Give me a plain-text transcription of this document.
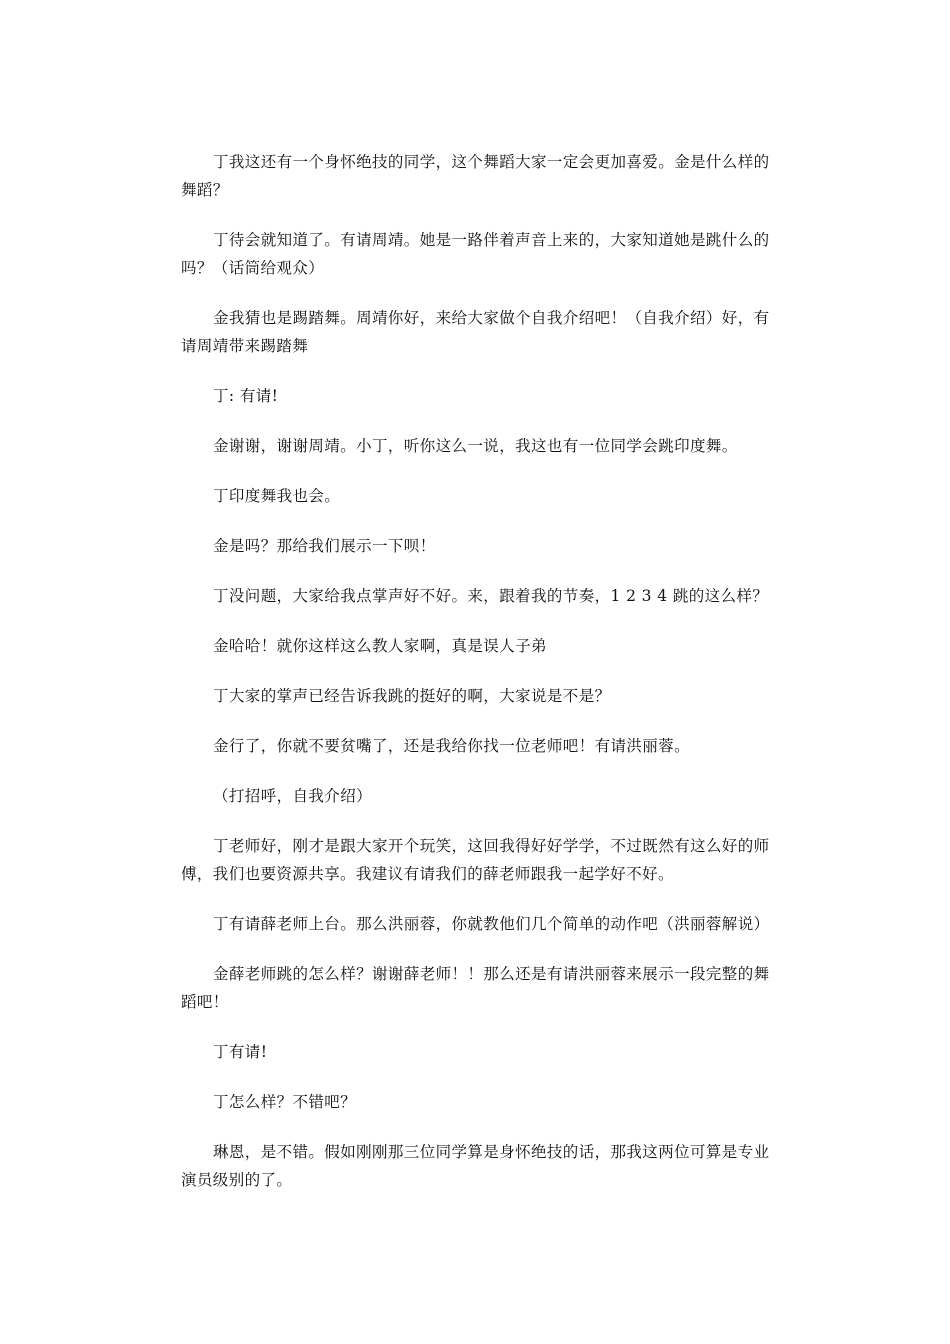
丁我这还有一个身怀绝技的同学，这个舞蹈大家一定会更加喜爱。金是什么样的舞蹈？

丁待会就知道了。有请周靖。她是一路伴着声音上来的，大家知道她是跳什么的吗？（话筒给观众）

金我猜也是踢踏舞。周靖你好，来给大家做个自我介绍吧！（自我介绍）好，有请周靖带来踢踏舞

丁: 有请!

金谢谢，谢谢周靖。小丁，听你这么一说，我这也有一位同学会跳印度舞。

丁印度舞我也会。

金是吗？那给我们展示一下呗！

丁没问题，大家给我点掌声好不好。来，跟着我的节奏，1 2 3 4 跳的这么样？

金哈哈！就你这样这么教人家啊，真是误人子弟

丁大家的掌声已经告诉我跳的挺好的啊，大家说是不是？

金行了，你就不要贫嘴了，还是我给你找一位老师吧！有请洪丽蓉。

（打招呼，自我介绍）

丁老师好，刚才是跟大家开个玩笑，这回我得好好学学，不过既然有这么好的师傅，我们也要资源共享。我建议有请我们的薛老师跟我一起学好不好。

丁有请薛老师上台。那么洪丽蓉，你就教他们几个简单的动作吧（洪丽蓉解说）

金薛老师跳的怎么样？谢谢薛老师！！那么还是有请洪丽蓉来展示一段完整的舞蹈吧！

丁有请!

丁怎么样？不错吧？

琳恩，是不错。假如刚刚那三位同学算是身怀绝技的话，那我这两位可算是专业演员级别的了。
